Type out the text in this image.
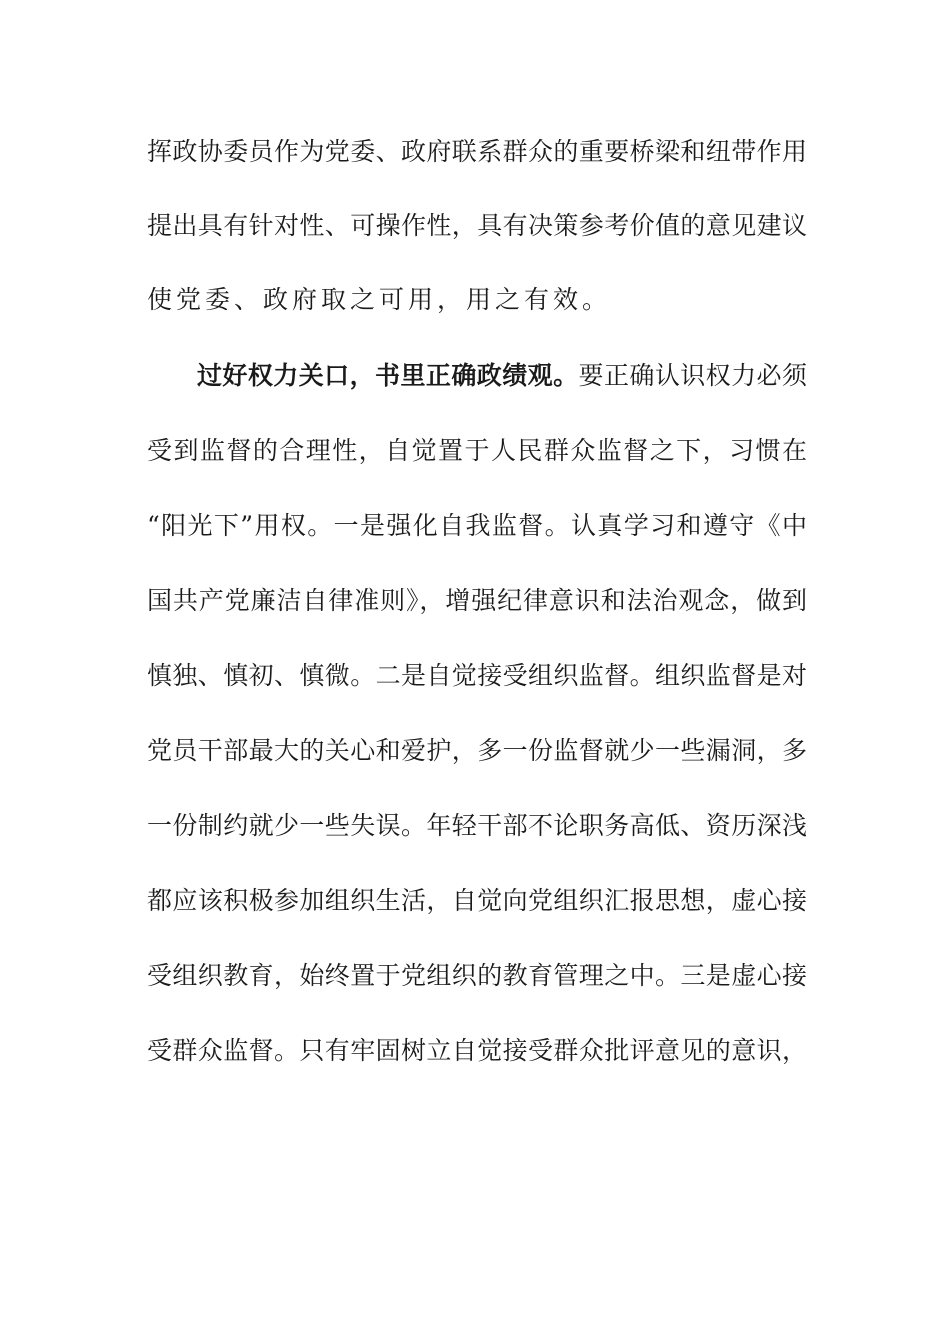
挥政协委员作为党委、政府联系群众的重要桥梁和纽带作用
提出具有针对性、可操作性，具有决策参考价值的意见建议
使党委、政府取之可用，用之有效。
过好权力关口，书里正确政绩观。要正确认识权力必须
受到监督的合理性，自觉置于人民群众监督之下，习惯在
“阳光下”用权。一是强化自我监督。认真学习和遵守《中
国共产党廉洁自律准则》，增强纪律意识和法治观念，做到
慎独、慎初、慎微。二是自觉接受组织监督。组织监督是对
党员干部最大的关心和爱护，多一份监督就少一些漏洞，多
一份制约就少一些失误。年轻干部不论职务高低、资历深浅
都应该积极参加组织生活，自觉向党组织汇报思想，虚心接
受组织教育，始终置于党组织的教育管理之中。三是虚心接
受群众监督。只有牢固树立自觉接受群众批评意见的意识，
